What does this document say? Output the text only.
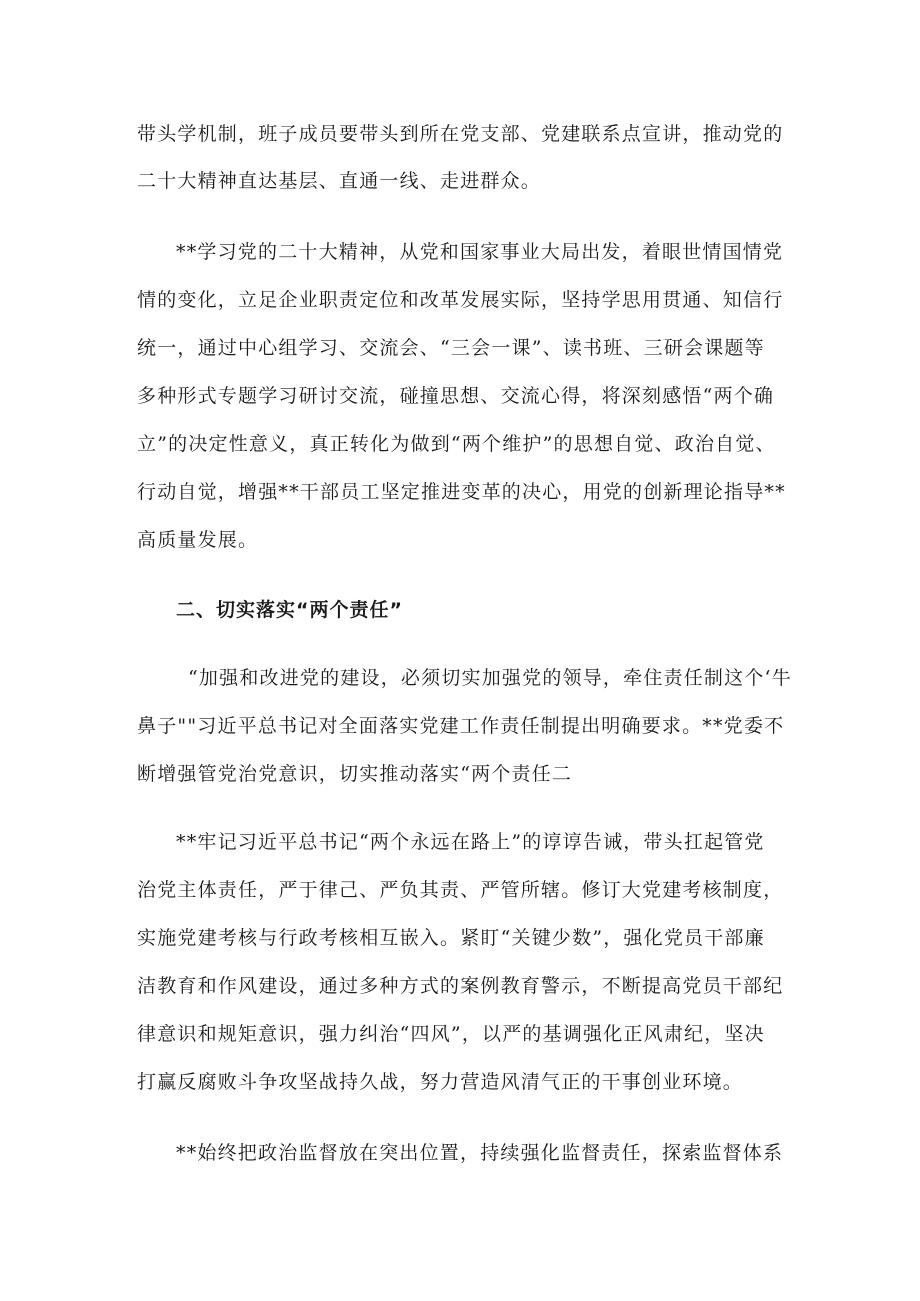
带头学机制，班子成员要带头到所在党支部、党建联系点宣讲，推动党的
二十大精神直达基层、直通一线、走进群众。
**学习党的二十大精神，从党和国家事业大局出发，着眼世情国情党
情的变化，立足企业职责定位和改革发展实际，坚持学思用贯通、知信行
统一，通过中心组学习、交流会、“三会一课”、读书班、三研会课题等
多种形式专题学习研讨交流，碰撞思想、交流心得，将深刻感悟“两个确
立”的决定性意义，真正转化为做到“两个维护”的思想自觉、政治自觉、
行动自觉，增强**干部员工坚定推进变革的决心，用党的创新理论指导**
高质量发展。
二、切实落实“两个责任”
“加强和改进党的建设，必须切实加强党的领导，牵住责任制这个‘牛
鼻子""习近平总书记对全面落实党建工作责任制提出明确要求。**党委不
断增强管党治党意识，切实推动落实“两个责任二
**牢记习近平总书记“两个永远在路上”的谆谆告诫，带头扛起管党
治党主体责任，严于律己、严负其责、严管所辖。修订大党建考核制度，
实施党建考核与行政考核相互嵌入。紧盯“关键少数”，强化党员干部廉
洁教育和作风建设，通过多种方式的案例教育警示，不断提高党员干部纪
律意识和规矩意识，强力纠治“四风”，以严的基调强化正风肃纪，坚决
打赢反腐败斗争攻坚战持久战，努力营造风清气正的干事创业环境。
**始终把政治监督放在突出位置，持续强化监督责任，探索监督体系
